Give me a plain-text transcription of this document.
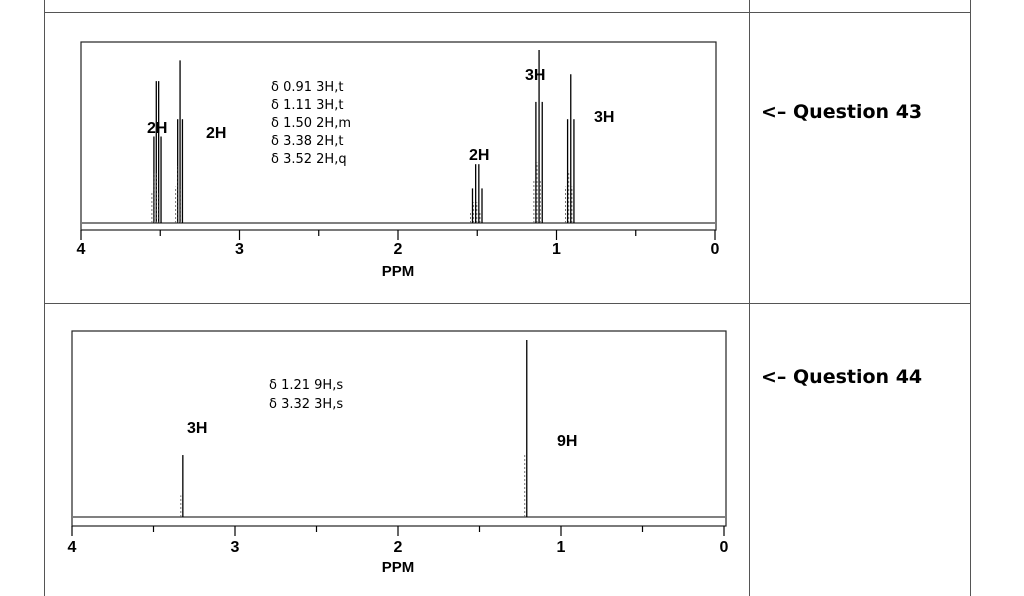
4	3	2	1	0
PPM
2H 2H
2H
3H
3H
δ 0.91 3H,t
δ 1.11 3H,t
δ 1.50 2H,m
δ 3.38 2H,t
δ 3.52 2H,q
4	3	2	1	0
PPM
3H
9H
δ 1.21 9H,s
δ 3.32 3H,s
<– Question 43
<– Question 44
